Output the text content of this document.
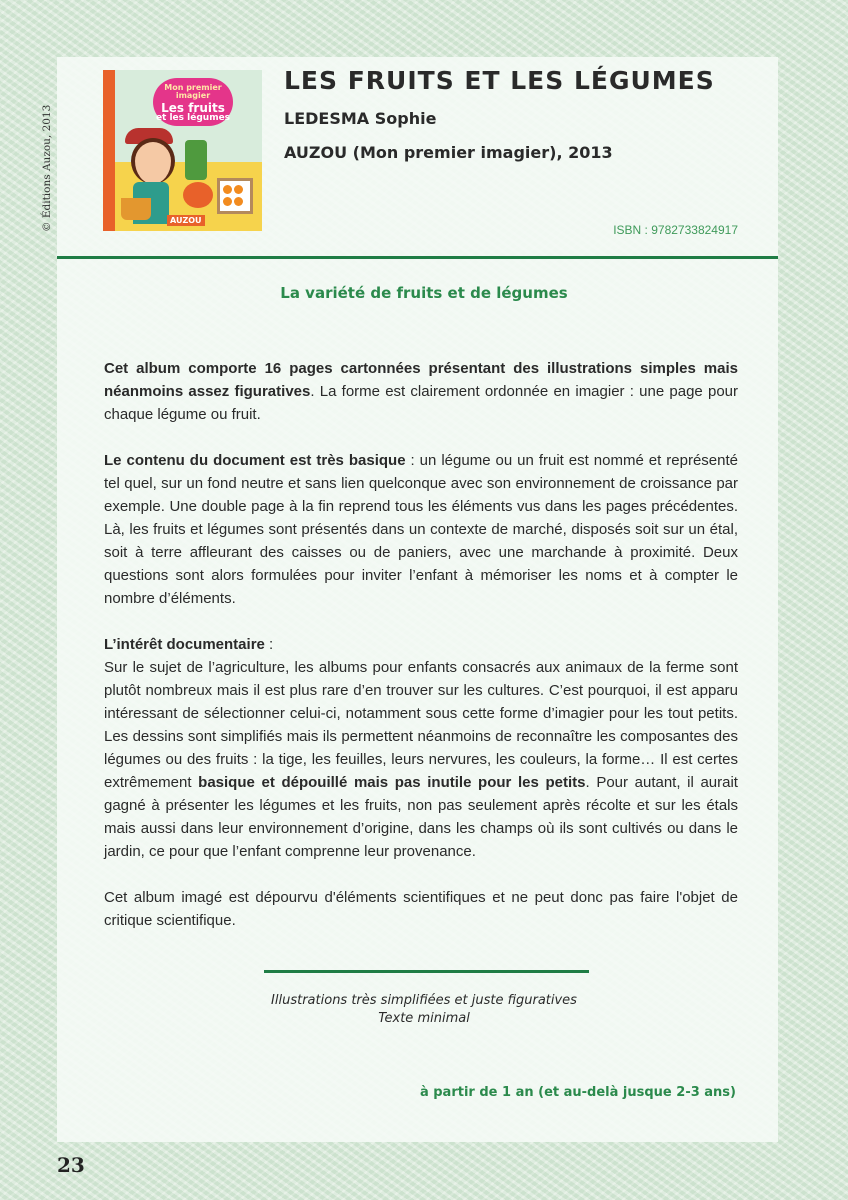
© Éditions Auzou, 2013
Mon premier imagier
Les fruits
et les légumes
AUZOU
LES FRUITS ET LES LÉGUMES
LEDESMA Sophie
AUZOU (Mon premier imagier), 2013
ISBN : 9782733824917
La variété de fruits et de légumes

Cet album comporte 16 pages cartonnées présentant des illustrations simples mais néanmoins assez figuratives. La forme est clairement ordonnée en imagier : une page pour chaque légume ou fruit.

Le contenu du document est très basique : un légume ou un fruit est nommé et représenté tel quel, sur un fond neutre et sans lien quelconque avec son environnement de croissance par exemple. Une double page à la fin reprend tous les éléments vus dans les pages précédentes. Là, les fruits et légumes sont présentés dans un contexte de marché, disposés soit sur un étal, soit à terre affleurant des caisses ou de paniers, avec une marchande à proximité. Deux questions sont alors formulées pour inviter l’enfant à mémoriser les noms et à compter le nombre d’éléments.

L’intérêt documentaire :
Sur le sujet de l’agriculture, les albums pour enfants consacrés aux animaux de la ferme sont plutôt nombreux mais il est plus rare d’en trouver sur les cultures. C’est pourquoi, il est apparu intéressant de sélectionner celui-ci, notamment sous cette forme d’imagier pour les tout petits. Les dessins sont simplifiés mais ils permettent néanmoins de reconnaître les composantes des légumes ou des fruits : la tige, les feuilles, leurs nervures, les couleurs, la forme… Il est certes extrêmement basique et dépouillé mais pas inutile pour les petits. Pour autant, il aurait gagné à présenter les légumes et les fruits, non pas seulement après récolte et sur les étals mais aussi dans leur environnement d’origine, dans les champs où ils sont cultivés ou dans le jardin, ce pour que l’enfant comprenne leur provenance.

Cet album imagé est dépourvu d'éléments scientifiques et ne peut donc pas faire l'objet de critique scientifique.

Illustrations très simplifiées et juste figuratives
Texte minimal
à partir de 1 an (et au-delà jusque 2-3 ans)
23
